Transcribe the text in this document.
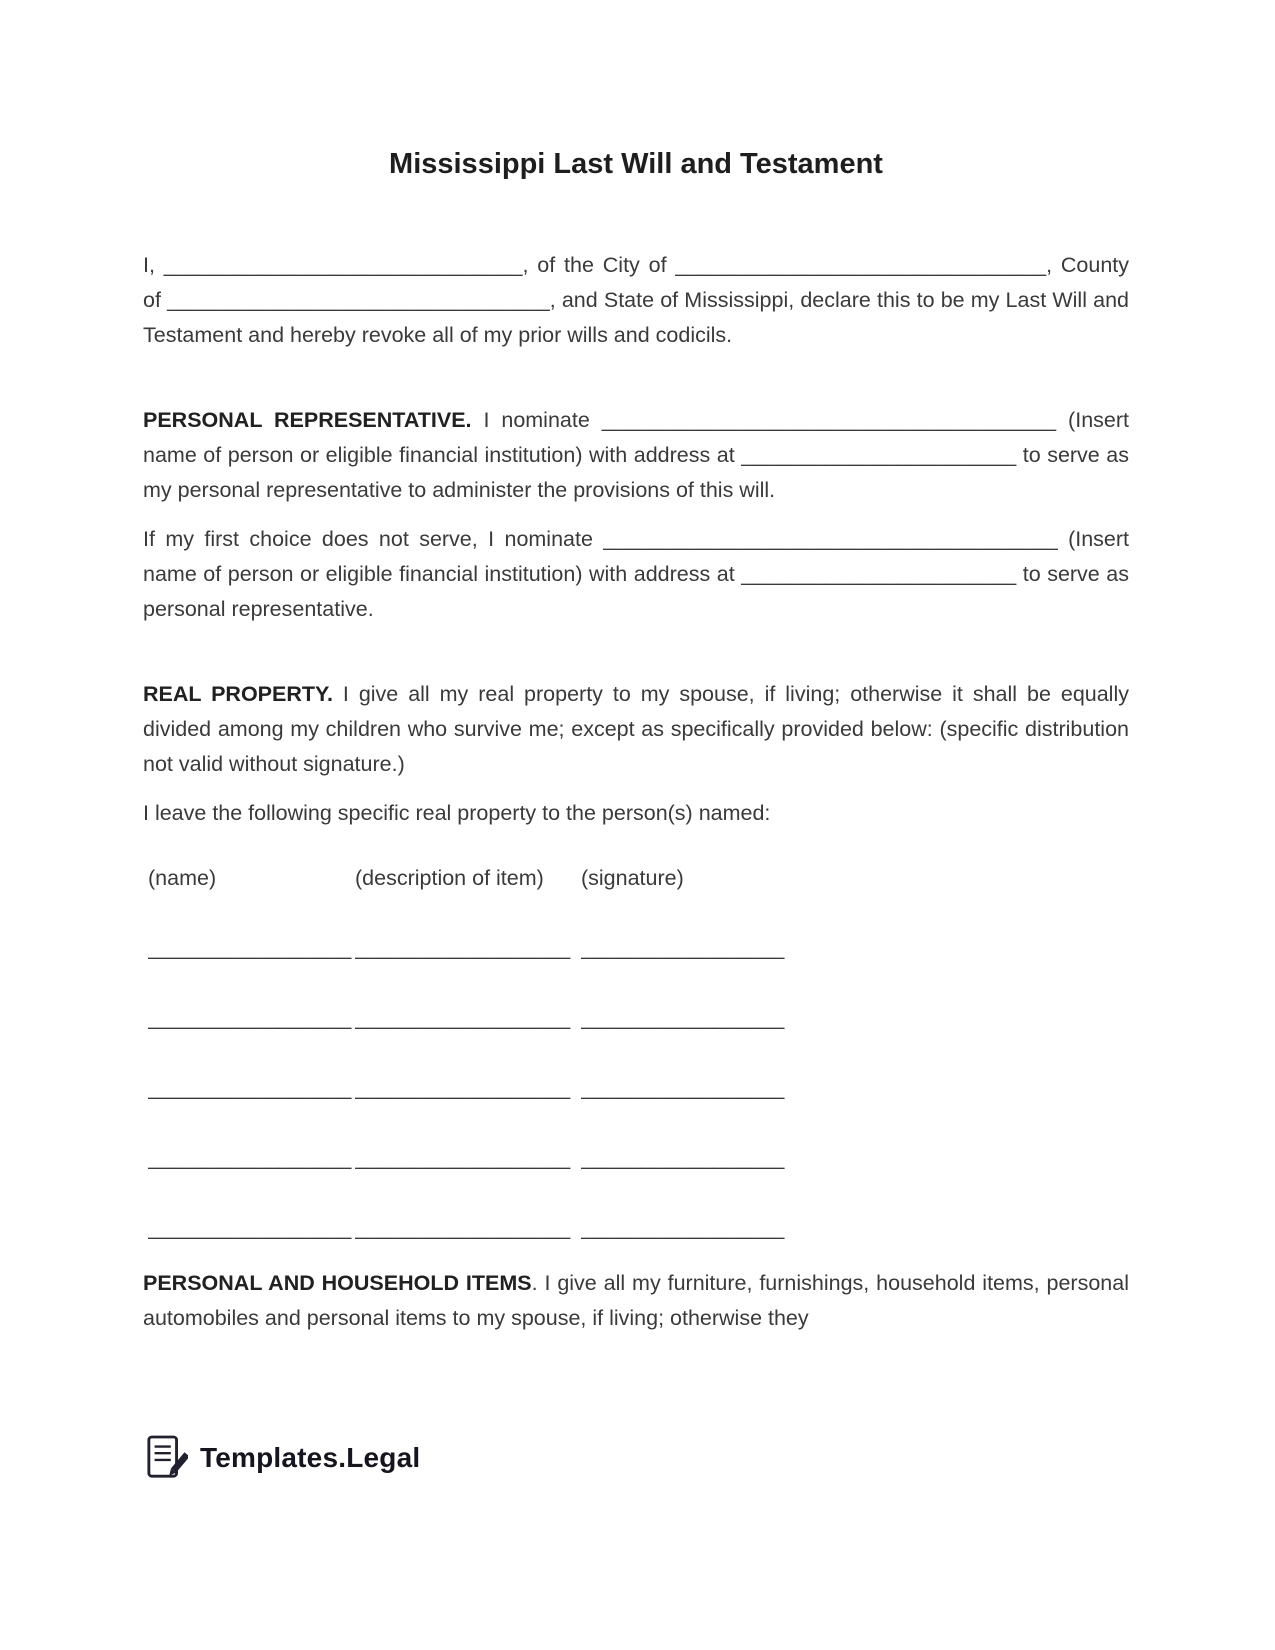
Mississippi Last Will and Testament

I, ______________________________, of the City of _______________________________, County of ________________________________, and State of Mississippi, declare this to be my Last Will and Testament and hereby revoke all of my prior wills and codicils.

PERSONAL REPRESENTATIVE. I nominate ______________________________________ (Insert name of person or eligible financial institution) with address at _______________________ to serve as my personal representative to administer the provisions of this will.

If my first choice does not serve, I nominate ______________________________________ (Insert name of person or eligible financial institution) with address at _______________________ to serve as personal representative.

REAL PROPERTY. I give all my real property to my spouse, if living; otherwise it shall be equally divided among my children who survive me; except as specifically provided below: (specific distribution not valid without signature.)

I leave the following specific real property to the person(s) named:

(name)	(description of item)	(signature)
_________________ __________________ _________________
_________________ __________________ _________________
_________________ __________________ _________________
_________________ __________________ _________________
_________________ __________________ _________________

PERSONAL AND HOUSEHOLD ITEMS. I give all my furniture, furnishings, household items, personal automobiles and personal items to my spouse, if living; otherwise they

Templates.Legal
